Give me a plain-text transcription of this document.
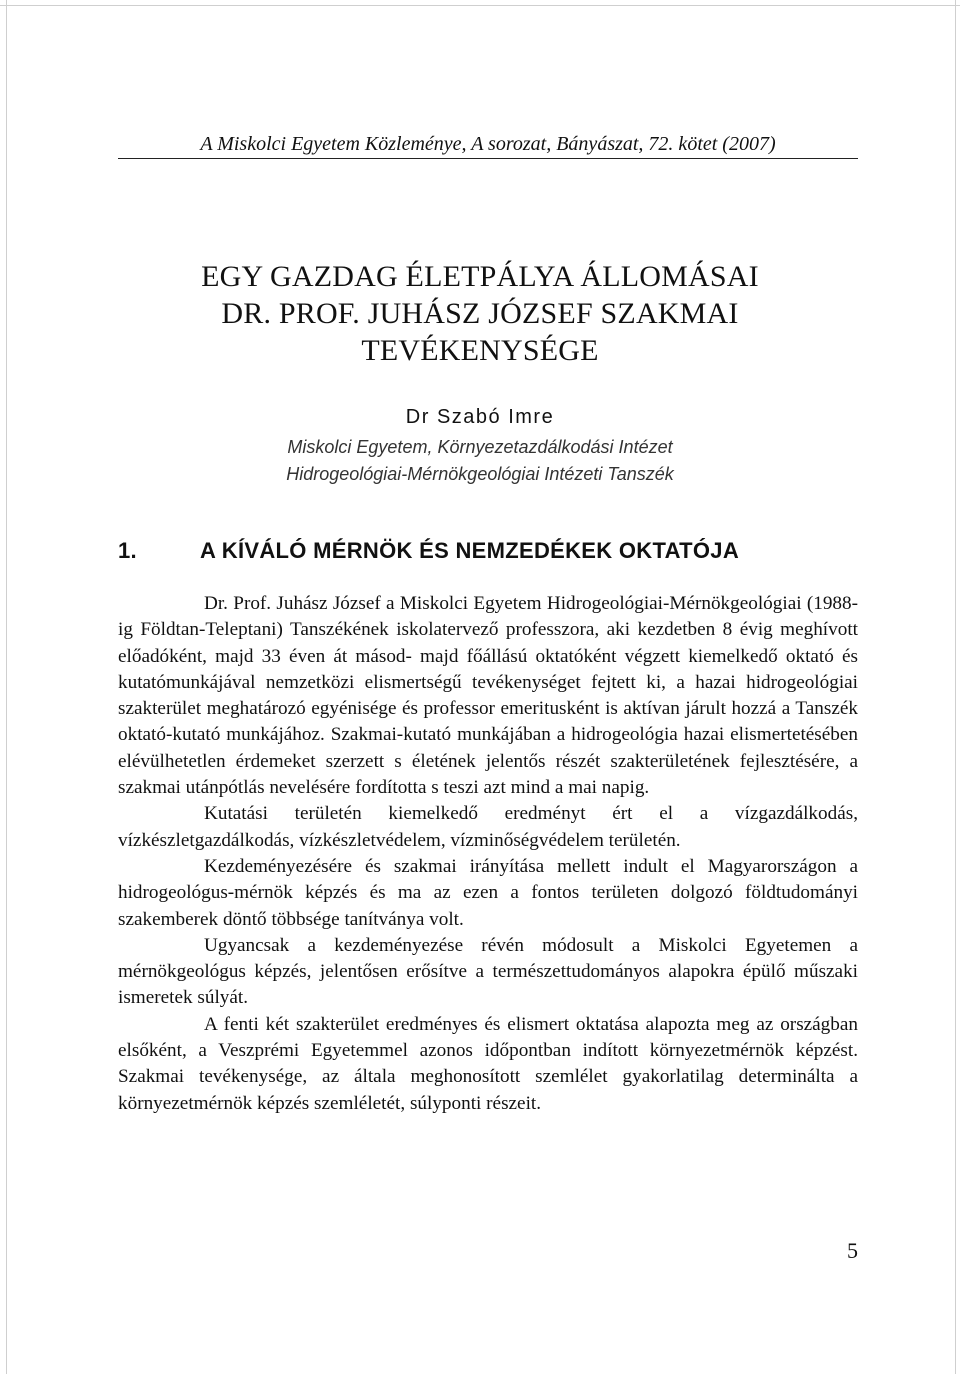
A Miskolci Egyetem Közleménye, A sorozat, Bányászat, 72. kötet (2007)
EGY GAZDAG ÉLETPÁLYA ÁLLOMÁSAI
DR. PROF. JUHÁSZ JÓZSEF SZAKMAI
TEVÉKENYSÉGE
Dr Szabó Imre
Miskolci Egyetem, Környezetazdálkodási Intézet
Hidrogeológiai-Mérnökgeológiai Intézeti Tanszék
1.	A KÍVÁLÓ MÉRNÖK ÉS NEMZEDÉKEK OKTATÓJA

Dr. Prof. Juhász József a Miskolci Egyetem Hidrogeológiai-Mérnökgeológiai (1988-ig Földtan-Teleptani) Tanszékének iskolatervező professzora, aki kezdetben 8 évig meghívott előadóként, majd 33 éven át másod- majd főállású oktatóként végzett kiemelkedő oktató és kutatómunkájával nemzetközi elismertségű tevékenységet fejtett ki, a hazai hidrogeológiai szakterület meghatározó egyénisége és professor emeritusként is aktívan járult hozzá a Tanszék oktató-kutató munkájához. Szakmai-kutató munkájában a hidrogeológia hazai elismertetésében elévülhetetlen érdemeket szerzett s életének jelentős részét szakterületének fejlesztésére, a szakmai utánpótlás nevelésére fordította s teszi azt mind a mai napig.

Kutatási területén kiemelkedő eredményt ért el a vízgazdálkodás, vízkészletgazdálkodás, vízkészletvédelem, vízminőségvédelem területén.

Kezdeményezésére és szakmai irányítása mellett indult el Magyarországon a hidrogeológus-mérnök képzés és ma az ezen a fontos területen dolgozó földtudományi szakemberek döntő többsége tanítványa volt.

Ugyancsak a kezdeményezése révén módosult a Miskolci Egyetemen a mérnökgeológus képzés, jelentősen erősítve a természettudományos alapokra épülő műszaki ismeretek súlyát.

A fenti két szakterület eredményes és elismert oktatása alapozta meg az országban elsőként, a Veszprémi Egyetemmel azonos időpontban indított környezetmérnök képzést. Szakmai tevékenysége, az általa meghonosított szemlélet gyakorlatilag determinálta a környezetmérnök képzés szemléletét, súlyponti részeit.

5
